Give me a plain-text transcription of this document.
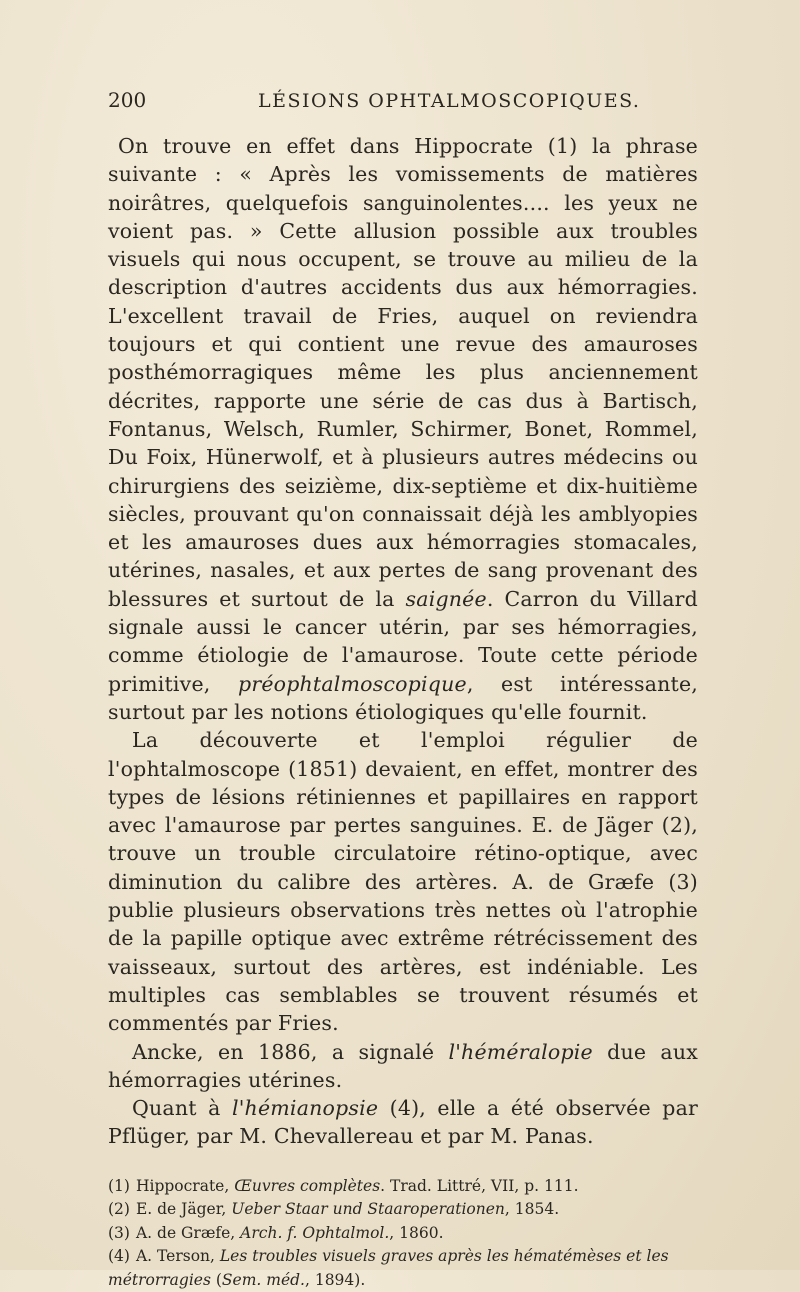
200	LÉSIONS OPHTALMOSCOPIQUES.

On trouve en effet dans Hippocrate (1) la phrase suivante : « Après les vomissements de matières noirâtres, quelquefois sanguinolentes.... les yeux ne voient pas. » Cette allusion possible aux troubles visuels qui nous occupent, se trouve au milieu de la description d'autres accidents dus aux hémorragies. L'excellent travail de Fries, auquel on reviendra toujours et qui contient une revue des amauroses posthémorragiques même les plus anciennement décrites, rapporte une série de cas dus à Bartisch, Fontanus, Welsch, Rumler, Schirmer, Bonet, Rommel, Du Foix, Hünerwolf, et à plusieurs autres médecins ou chirurgiens des seizième, dix-septième et dix-huitième siècles, prouvant qu'on connaissait déjà les amblyopies et les amauroses dues aux hémorragies stomacales, utérines, nasales, et aux pertes de sang provenant des blessures et surtout de la saignée. Carron du Villard signale aussi le cancer utérin, par ses hémorragies, comme étiologie de l'amaurose. Toute cette période primitive, préophtalmoscopique, est intéressante, surtout par les notions étiologiques qu'elle fournit.

La découverte et l'emploi régulier de l'ophtalmoscope (1851) devaient, en effet, montrer des types de lésions rétiniennes et papillaires en rapport avec l'amaurose par pertes sanguines. E. de Jäger (2), trouve un trouble circulatoire rétino-optique, avec diminution du calibre des artères. A. de Græfe (3) publie plusieurs observations très nettes où l'atrophie de la papille optique avec extrême rétrécissement des vaisseaux, surtout des artères, est indéniable. Les multiples cas semblables se trouvent résumés et commentés par Fries.

Ancke, en 1886, a signalé l'héméralopie due aux hémorragies utérines.

Quant à l'hémianopsie (4), elle a été observée par Pflüger, par M. Chevallereau et par M. Panas.

(1) Hippocrate, Œuvres complètes. Trad. Littré, VII, p. 111.

(2) E. de Jäger, Ueber Staar und Staaroperationen, 1854.

(3) A. de Græfe, Arch. f. Ophtalmol., 1860.

(4) A. Terson, Les troubles visuels graves après les hématémèses et les métrorragies (Sem. méd., 1894).
